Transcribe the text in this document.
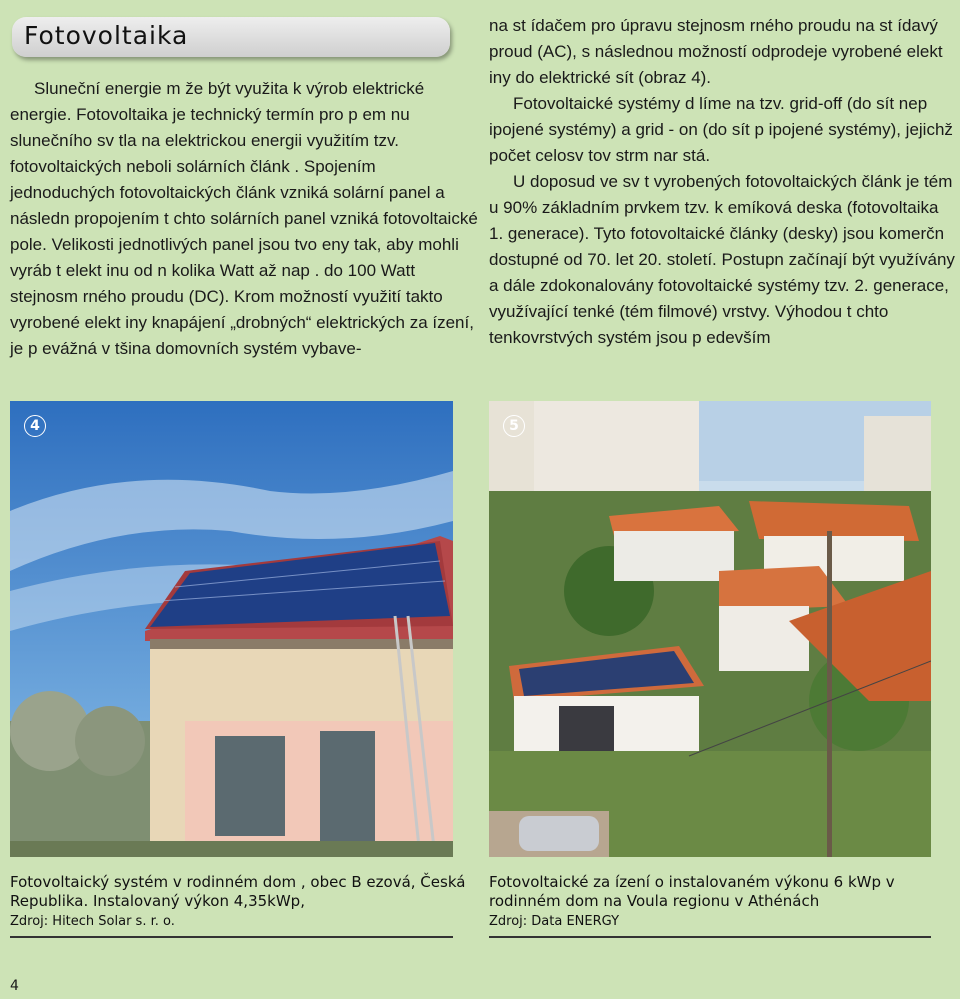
Fotovoltaika

Sluneční energie m že být využita k výrob elektrické energie. Fotovoltaika je technický termín pro p em nu slunečního sv tla na elektrickou energii využitím tzv. fotovoltaických neboli solárních článk . Spojením jednoduchých fotovoltaických článk vzniká solární panel a následn propojením t chto solárních panel vzniká fotovoltaické pole. Velikosti jednotlivých panel jsou tvo eny tak, aby mohli vyráb t elekt inu od n kolika Watt až nap . do 100 Watt stejnosm rného proudu (DC). Krom možností využití takto vyrobené elekt iny knapájení „drobných“ elektrických za ízení, je p evážná v tšina domovních systém vybave-

na st ídačem pro úpravu stejnosm rného proudu na st ídavý proud (AC), s následnou možností odprodeje vyrobené elekt iny do elektrické sít (obraz 4).

Fotovoltaické systémy d líme na tzv. grid-off (do sít nep ipojené systémy) a grid - on (do sít p ipojené systémy), jejichž počet celosv tov strm nar stá.

U doposud ve sv t vyrobených fotovoltaických článk je tém u 90% základním prvkem tzv. k emíková deska (fotovoltaika 1. generace). Tyto fotovoltaické články (desky) jsou komerčn dostupné od 70. let 20. století. Postupn začínají být využívány a dále zdokonalovány fotovoltaické systémy tzv. 2. generace, využívající tenké (tém filmové) vrstvy. Výhodou t chto tenkovrstvých systém jsou p edevším

4	5
Fotovoltaický systém v rodinném dom , obec B ezová, Česká Republika. Instalovaný výkon 4,35kWp,
Zdroj: Hitech Solar s. r. o.
Fotovoltaické za ízení o instalovaném výkonu 6 kWp v rodinném dom na Voula regionu v Athénách
Zdroj: Data ENERGY
4
